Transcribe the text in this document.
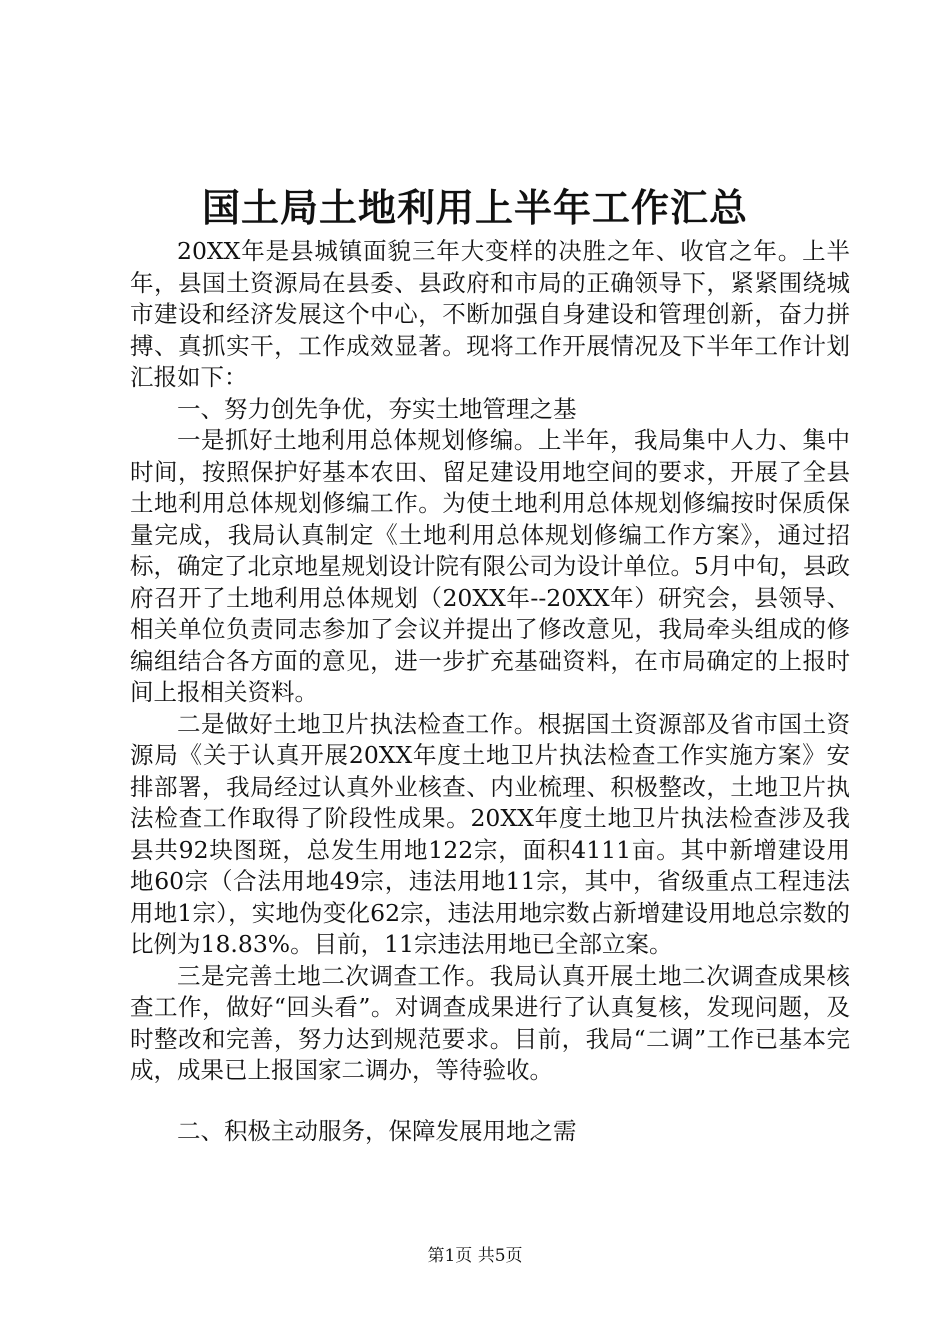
国土局土地利用上半年工作汇总

20XX年是县城镇面貌三年大变样的决胜之年、收官之年。上半年，县国土资源局在县委、县政府和市局的正确领导下，紧紧围绕城市建设和经济发展这个中心，不断加强自身建设和管理创新，奋力拼搏、真抓实干，工作成效显著。现将工作开展情况及下半年工作计划汇报如下：

一、努力创先争优，夯实土地管理之基

一是抓好土地利用总体规划修编。上半年，我局集中人力、集中时间，按照保护好基本农田、留足建设用地空间的要求，开展了全县土地利用总体规划修编工作。为使土地利用总体规划修编按时保质保量完成，我局认真制定《土地利用总体规划修编工作方案》，通过招标，确定了北京地星规划设计院有限公司为设计单位。5月中旬，县政府召开了土地利用总体规划（20XX年--20XX年）研究会，县领导、相关单位负责同志参加了会议并提出了修改意见，我局牵头组成的修编组结合各方面的意见，进一步扩充基础资料，在市局确定的上报时间上报相关资料。

二是做好土地卫片执法检查工作。根据国土资源部及省市国土资源局《关于认真开展20XX年度土地卫片执法检查工作实施方案》安排部署，我局经过认真外业核查、内业梳理、积极整改，土地卫片执法检查工作取得了阶段性成果。20XX年度土地卫片执法检查涉及我县共92块图斑，总发生用地122宗，面积4111亩。其中新增建设用地60宗（合法用地49宗，违法用地11宗，其中，省级重点工程违法用地1宗），实地伪变化62宗，违法用地宗数占新增建设用地总宗数的比例为18.83%。目前，11宗违法用地已全部立案。

三是完善土地二次调查工作。我局认真开展土地二次调查成果核查工作，做好“回头看”。对调查成果进行了认真复核，发现问题，及时整改和完善，努力达到规范要求。目前，我局“二调”工作已基本完成，成果已上报国家二调办，等待验收。

二、积极主动服务，保障发展用地之需

第1页 共5页
